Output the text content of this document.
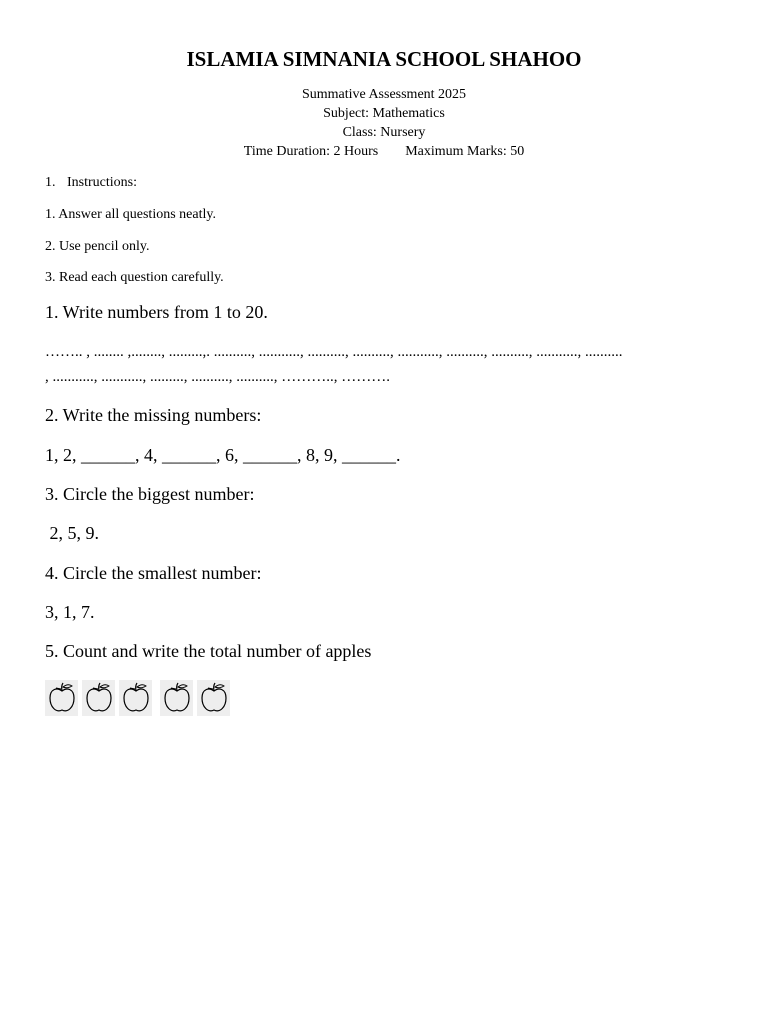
ISLAMIA SIMNANIA SCHOOL SHAHOO
Summative Assessment 2025
Subject: Mathematics
Class: Nursery
Time Duration: 2 Hours Maximum Marks: 50
1. Instructions:
1. Answer all questions neatly.
2. Use pencil only.
3. Read each question carefully.
1. Write numbers from 1 to 20.
…….. , ........ ,........, .........,. .........., ..........., .........., .........., ..........., .........., .........., ..........., ..........
, ..........., ..........., ........., .........., .........., ……….., ……….
2. Write the missing numbers:
1, 2, ______, 4, ______, 6, ______, 8, 9, ______.
3. Circle the biggest number:
2, 5, 9.
4. Circle the smallest number:
3, 1, 7.
5. Count and write the total number of apples
